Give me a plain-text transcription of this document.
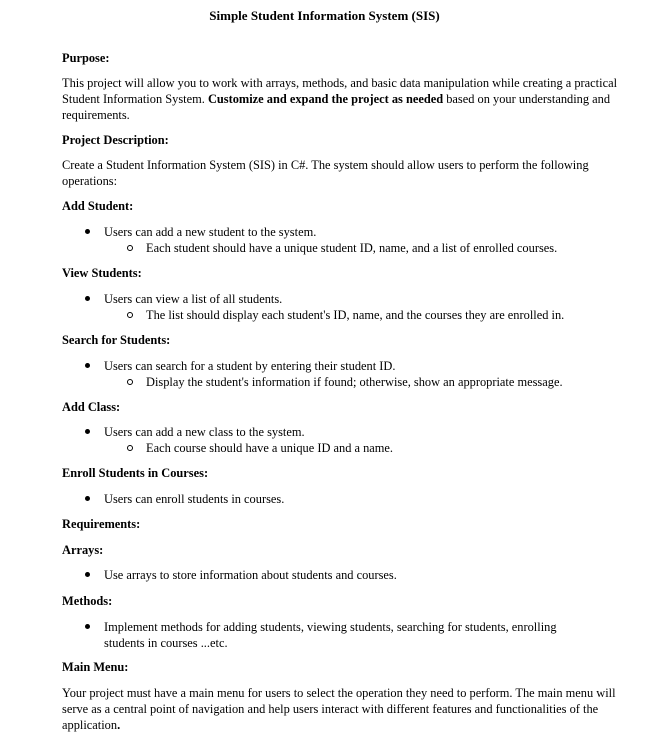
Simple Student Information System (SIS)
Purpose:
This project will allow you to work with arrays, methods, and basic data manipulation while creating a practical Student Information System. Customize and expand the project as needed based on your understanding and requirements.
Project Description:
Create a Student Information System (SIS) in C#. The system should allow users to perform the following operations:
Add Student:
Users can add a new student to the system.
Each student should have a unique student ID, name, and a list of enrolled courses.
View Students:
Users can view a list of all students.
The list should display each student's ID, name, and the courses they are enrolled in.
Search for Students:
Users can search for a student by entering their student ID.
Display the student's information if found; otherwise, show an appropriate message.
Add Class:
Users can add a new class to the system.
Each course should have a unique ID and a name.
Enroll Students in Courses:
Users can enroll students in courses.
Requirements:
Arrays:
Use arrays to store information about students and courses.
Methods:
Implement methods for adding students, viewing students, searching for students, enrolling students in courses ...etc.
Main Menu:
Your project must have a main menu for users to select the operation they need to perform. The main menu will serve as a central point of navigation and help users interact with different features and functionalities of the application.
